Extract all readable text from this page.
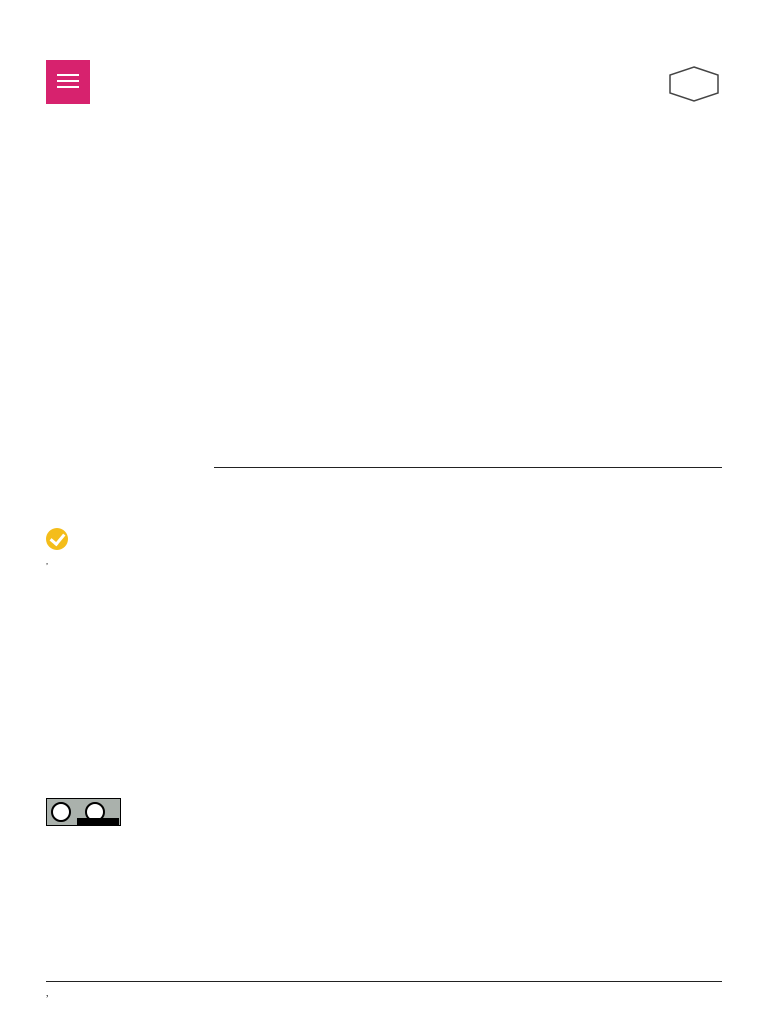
,
,
